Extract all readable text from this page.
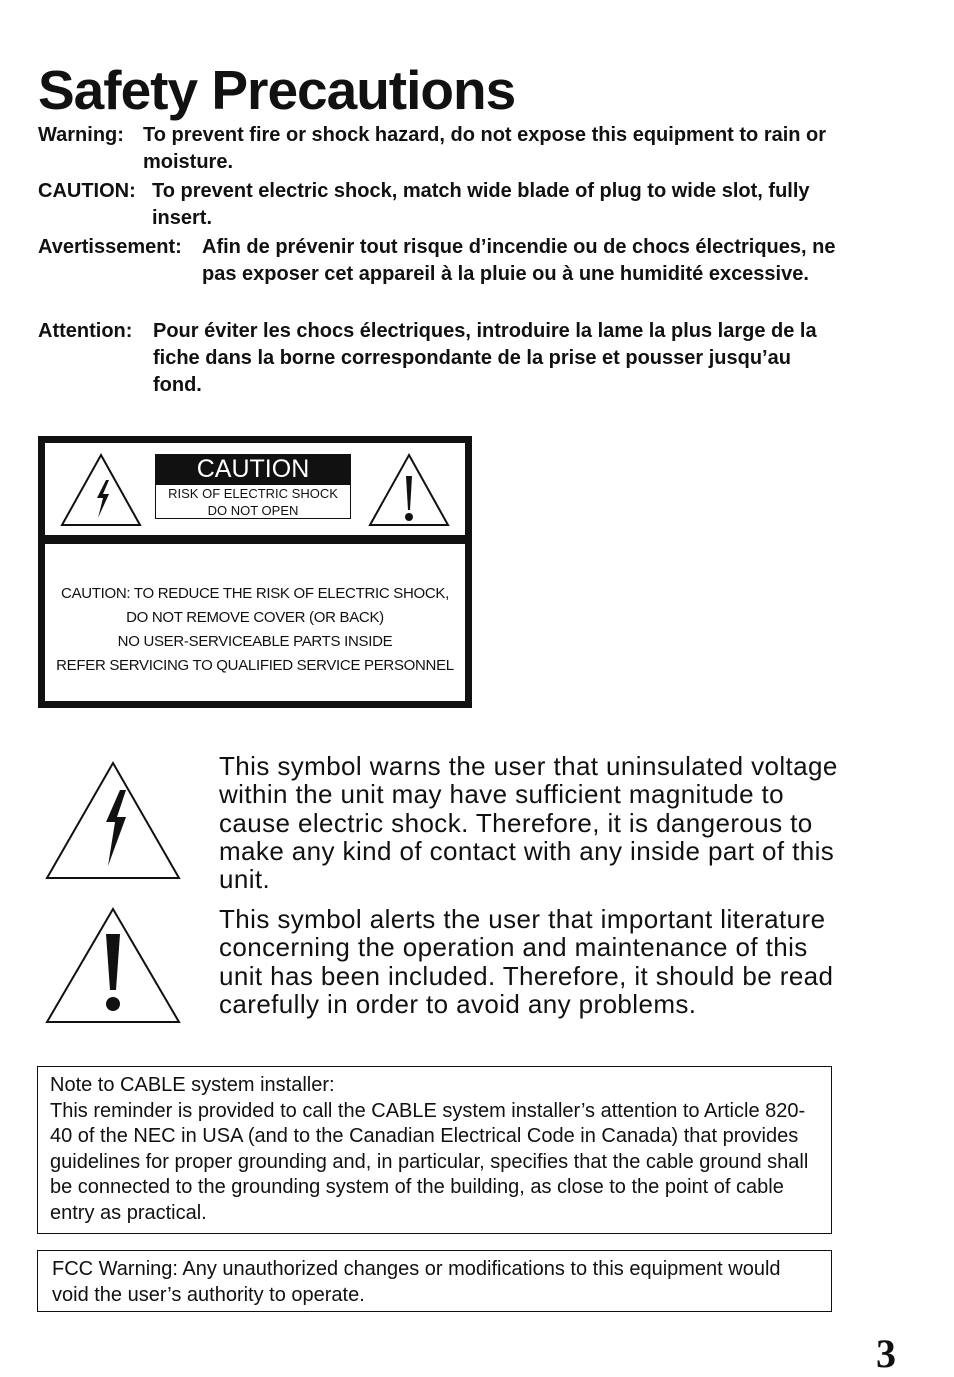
Safety Precautions
Warning: To prevent fire or shock hazard, do not expose this equipment to rain or moisture.
CAUTION: To prevent electric shock, match wide blade of plug to wide slot, fully insert.
Avertissement: Afin de prévenir tout risque d’incendie ou de chocs électriques, ne pas exposer cet appareil à la pluie ou à une humidité excessive.
Attention: Pour éviter les chocs électriques, introduire la lame la plus large de la fiche dans la borne correspondante de la prise et pousser jusqu’au fond.
CAUTION
RISK OF ELECTRIC SHOCK
DO NOT OPEN
CAUTION: TO REDUCE THE RISK OF ELECTRIC SHOCK,
DO NOT REMOVE COVER (OR BACK)
NO USER-SERVICEABLE PARTS INSIDE
REFER SERVICING TO QUALIFIED SERVICE PERSONNEL
This symbol warns the user that uninsulated voltage within the unit may have sufficient magnitude to cause electric shock. Therefore, it is dangerous to make any kind of contact with any inside part of this unit.
This symbol alerts the user that important literature concerning the operation and maintenance of this unit has been included. Therefore, it should be read carefully in order to avoid any problems.
Note to CABLE system installer:
This reminder is provided to call the CABLE system installer’s attention to Article 820-40 of the NEC in USA (and to the Canadian Electrical Code in Canada) that provides guidelines for proper grounding and, in particular, specifies that the cable ground shall be connected to the grounding system of the building, as close to the point of cable entry as practical.
FCC Warning: Any unauthorized changes or modifications to this equipment would void the user’s authority to operate.
3
